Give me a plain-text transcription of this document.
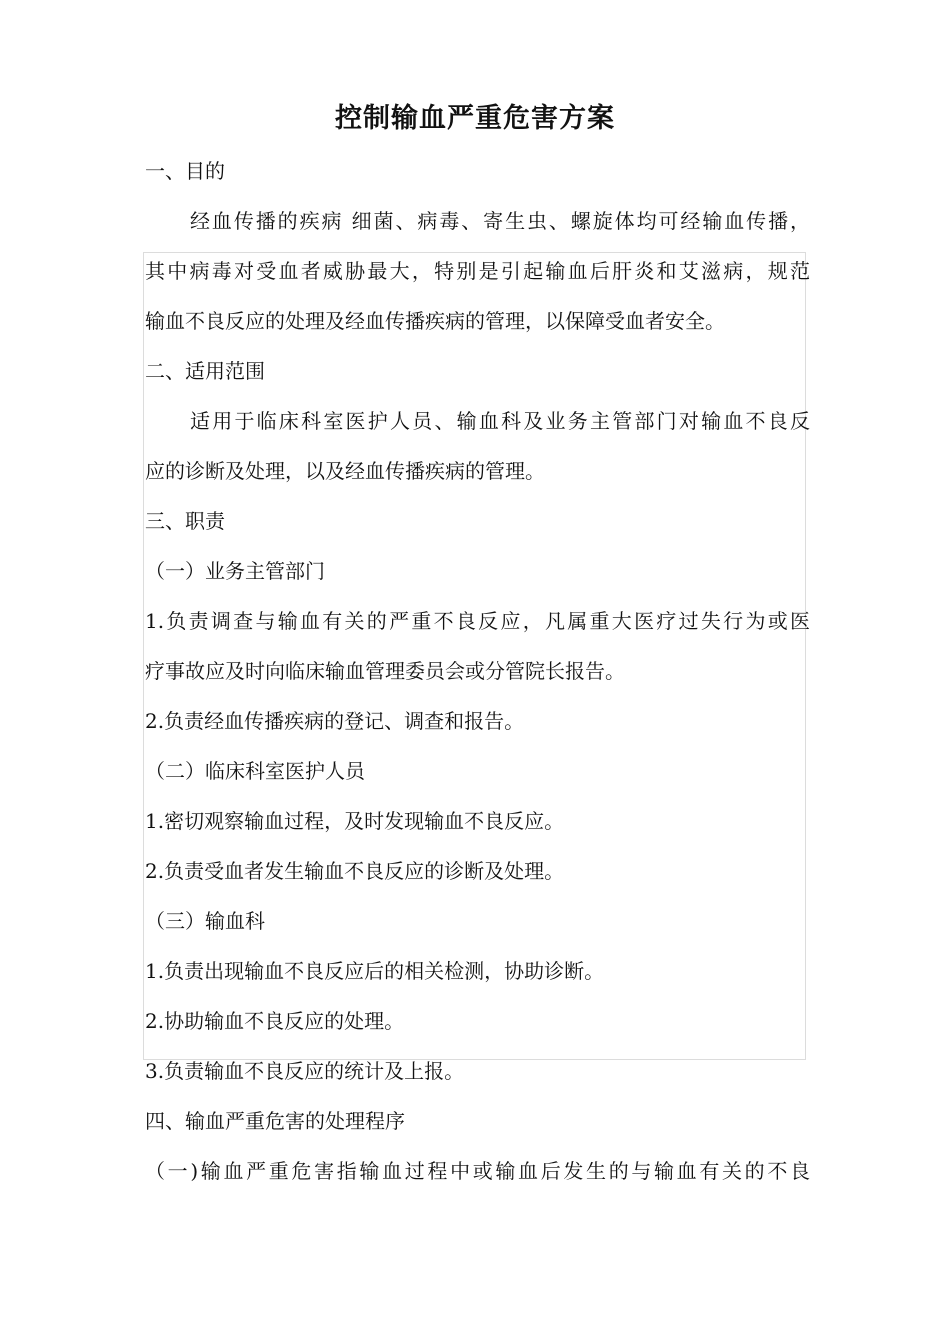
控制输血严重危害方案
一、目的
经血传播的疾病 细菌、病毒、寄生虫、螺旋体均可经输血传播，
其中病毒对受血者威胁最大，特别是引起输血后肝炎和艾滋病，规范
输血不良反应的处理及经血传播疾病的管理，以保障受血者安全。
二、适用范围
适用于临床科室医护人员、输血科及业务主管部门对输血不良反
应的诊断及处理，以及经血传播疾病的管理。
三、职责
（一）业务主管部门
1.负责调查与输血有关的严重不良反应，凡属重大医疗过失行为或医
疗事故应及时向临床输血管理委员会或分管院长报告。
2.负责经血传播疾病的登记、调查和报告。
（二）临床科室医护人员
1.密切观察输血过程，及时发现输血不良反应。
2.负责受血者发生输血不良反应的诊断及处理。
（三）输血科
1.负责出现输血不良反应后的相关检测，协助诊断。
2.协助输血不良反应的处理。
3.负责输血不良反应的统计及上报。
四、输血严重危害的处理程序
（一)输血严重危害指输血过程中或输血后发生的与输血有关的不良
